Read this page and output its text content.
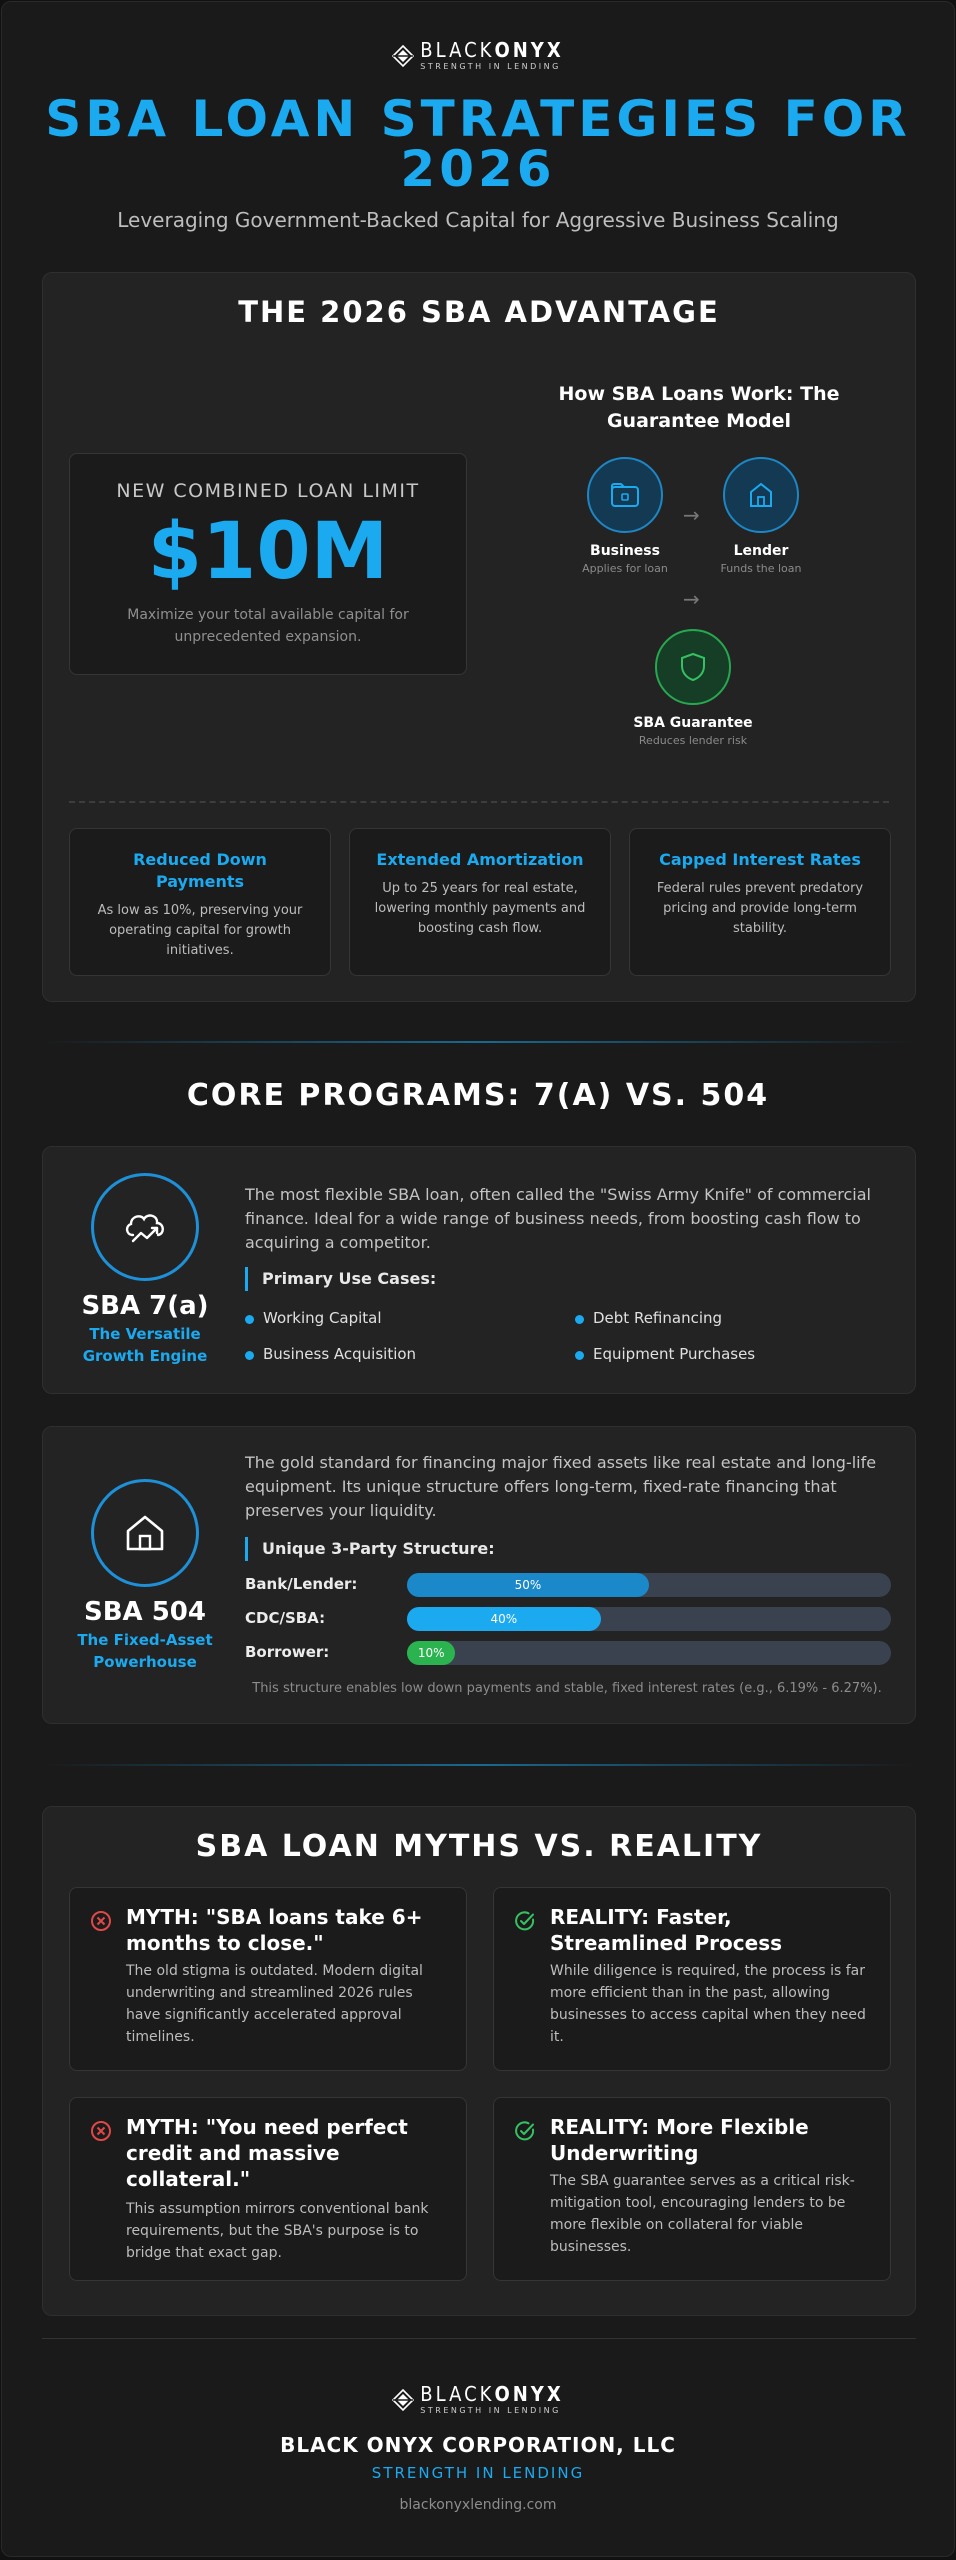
BLACKONYX
STRENGTH IN LENDING
SBA LOAN STRATEGIES FOR 2026
Leveraging Government-Backed Capital for Aggressive Business Scaling
THE 2026 SBA ADVANTAGE
NEW COMBINED LOAN LIMIT
$10M
Maximize your total available capital for unprecedented expansion.
How SBA Loans Work: The Guarantee Model
Business
Applies for loan
→
Lender
Funds the loan
→
SBA Guarantee
Reduces lender risk
Reduced Down Payments
As low as 10%, preserving your operating capital for growth initiatives.
Extended Amortization
Up to 25 years for real estate, lowering monthly payments and boosting cash flow.
Capped Interest Rates
Federal rules prevent predatory pricing and provide long-term stability.
CORE PROGRAMS: 7(A) VS. 504
SBA 7(a)
The Versatile Growth Engine
The most flexible SBA loan, often called the "Swiss Army Knife" of commercial finance. Ideal for a wide range of business needs, from boosting cash flow to acquiring a competitor.
Primary Use Cases:
Working Capital	Debt Refinancing
Business Acquisition	Equipment Purchases
SBA 504
The Fixed-Asset Powerhouse
The gold standard for financing major fixed assets like real estate and long-life equipment. Its unique structure offers long-term, fixed-rate financing that preserves your liquidity.
Unique 3-Party Structure:
Bank/Lender:	50%
CDC/SBA:	40%
Borrower:	10%
This structure enables low down payments and stable, fixed interest rates (e.g., 6.19% - 6.27%).
SBA LOAN MYTHS VS. REALITY
MYTH: "SBA loans take 6+ months to close."
The old stigma is outdated. Modern digital underwriting and streamlined 2026 rules have significantly accelerated approval timelines.
REALITY: Faster, Streamlined Process
While diligence is required, the process is far more efficient than in the past, allowing businesses to access capital when they need it.
MYTH: "You need perfect credit and massive collateral."
This assumption mirrors conventional bank requirements, but the SBA's purpose is to bridge that exact gap.
REALITY: More Flexible Underwriting
The SBA guarantee serves as a critical risk-mitigation tool, encouraging lenders to be more flexible on collateral for viable businesses.
BLACKONYX
STRENGTH IN LENDING
BLACK ONYX CORPORATION, LLC
STRENGTH IN LENDING
blackonyxlending.com
